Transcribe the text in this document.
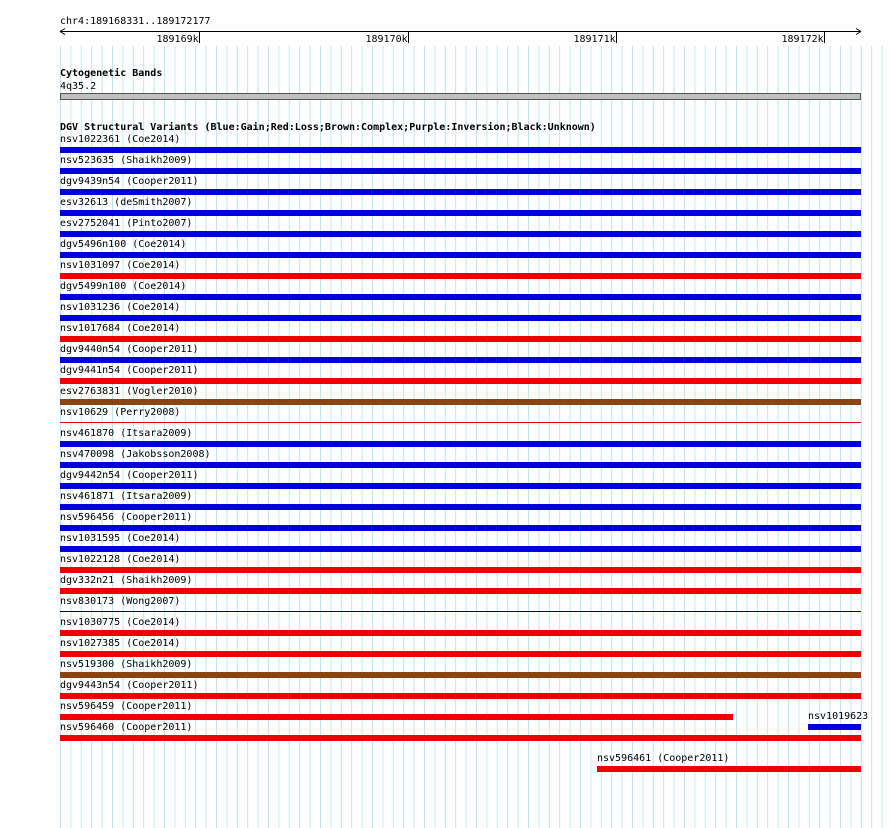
chr4:189168331..189172177
189169k	189170k	189171k	189172k
Cytogenetic Bands
4q35.2
DGV Structural Variants (Blue:Gain;Red:Loss;Brown:Complex;Purple:Inversion;Black:Unknown)
nsv1022361 (Coe2014)
nsv523635 (Shaikh2009)
dgv9439n54 (Cooper2011)
esv32613 (deSmith2007)
esv2752041 (Pinto2007)
dgv5496n100 (Coe2014)
nsv1031097 (Coe2014)
dgv5499n100 (Coe2014)
nsv1031236 (Coe2014)
nsv1017684 (Coe2014)
dgv9440n54 (Cooper2011)
dgv9441n54 (Cooper2011)
esv2763831 (Vogler2010)
nsv10629 (Perry2008)
nsv461870 (Itsara2009)
nsv470098 (Jakobsson2008)
dgv9442n54 (Cooper2011)
nsv461871 (Itsara2009)
nsv596456 (Cooper2011)
nsv1031595 (Coe2014)
nsv1022128 (Coe2014)
dgv332n21 (Shaikh2009)
nsv830173 (Wong2007)
nsv1030775 (Coe2014)
nsv1027385 (Coe2014)
nsv519300 (Shaikh2009)
dgv9443n54 (Cooper2011)
nsv596459 (Cooper2011)
nsv1019623
nsv596460 (Cooper2011)
nsv596461 (Cooper2011)
